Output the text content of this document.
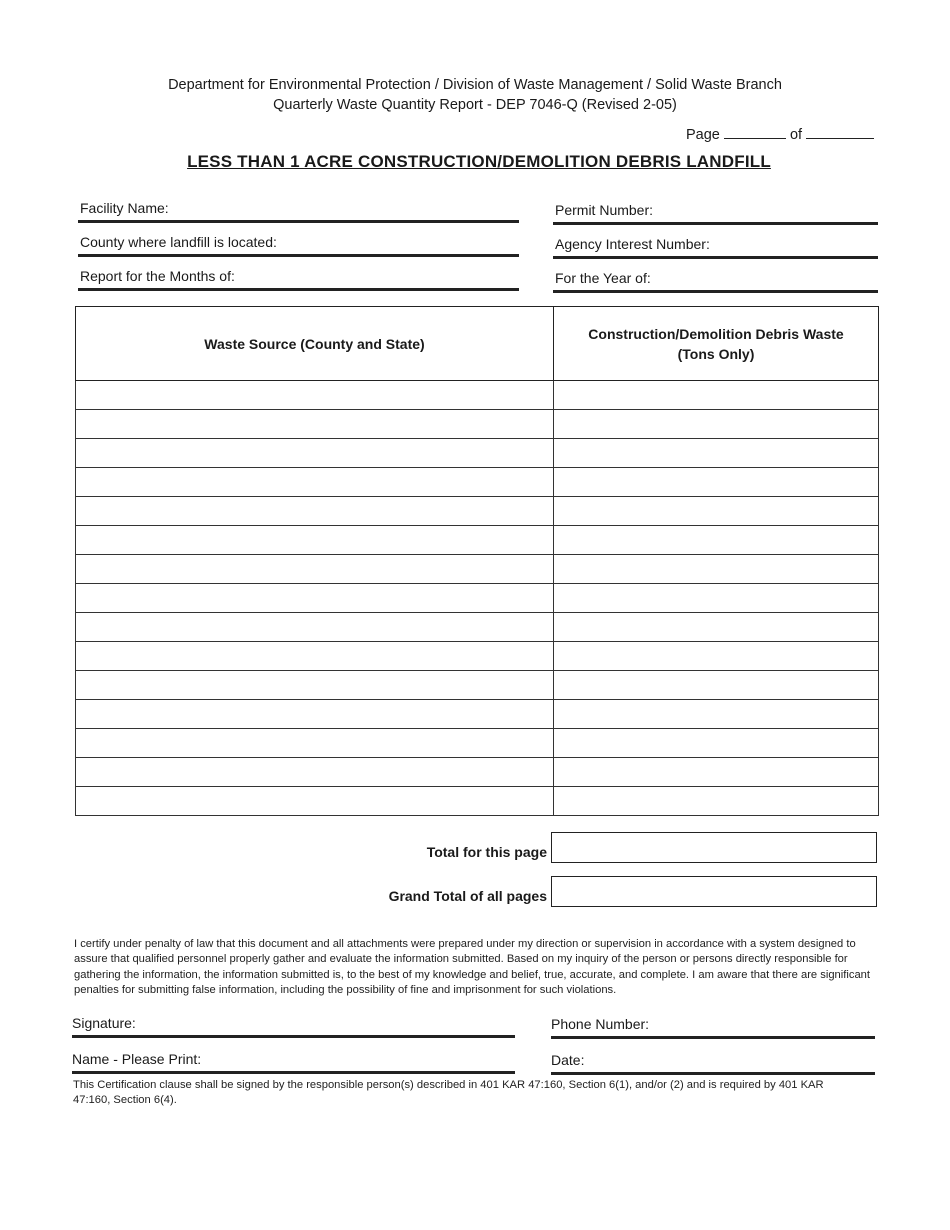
Department for Environmental Protection / Division of Waste Management / Solid Waste Branch
Quarterly Waste Quantity Report - DEP 7046-Q (Revised 2-05)
Page	of
LESS THAN 1 ACRE CONSTRUCTION/DEMOLITION DEBRIS LANDFILL
Facility Name:	Permit Number:
County where landfill is located:	Agency Interest Number:
Report for the Months of:	For the Year of:
Waste Source (County and State)	Construction/Demolition Debris Waste
(Tons Only)

Total for this page
Grand Total of all pages
I certify under penalty of law that this document and all attachments were prepared under my direction or supervision in accordance with a system designed to assure that qualified personnel properly gather and evaluate the information submitted. Based on my inquiry of the person or persons directly responsible for gathering the information, the information submitted is, to the best of my knowledge and belief, true, accurate, and complete. I am aware that there are significant penalties for submitting false information, including the possibility of fine and imprisonment for such violations.
Signature:	Phone Number:
Name - Please Print:	Date:
This Certification clause shall be signed by the responsible person(s) described in 401 KAR 47:160, Section 6(1), and/or (2) and is required by 401 KAR 47:160, Section 6(4).
